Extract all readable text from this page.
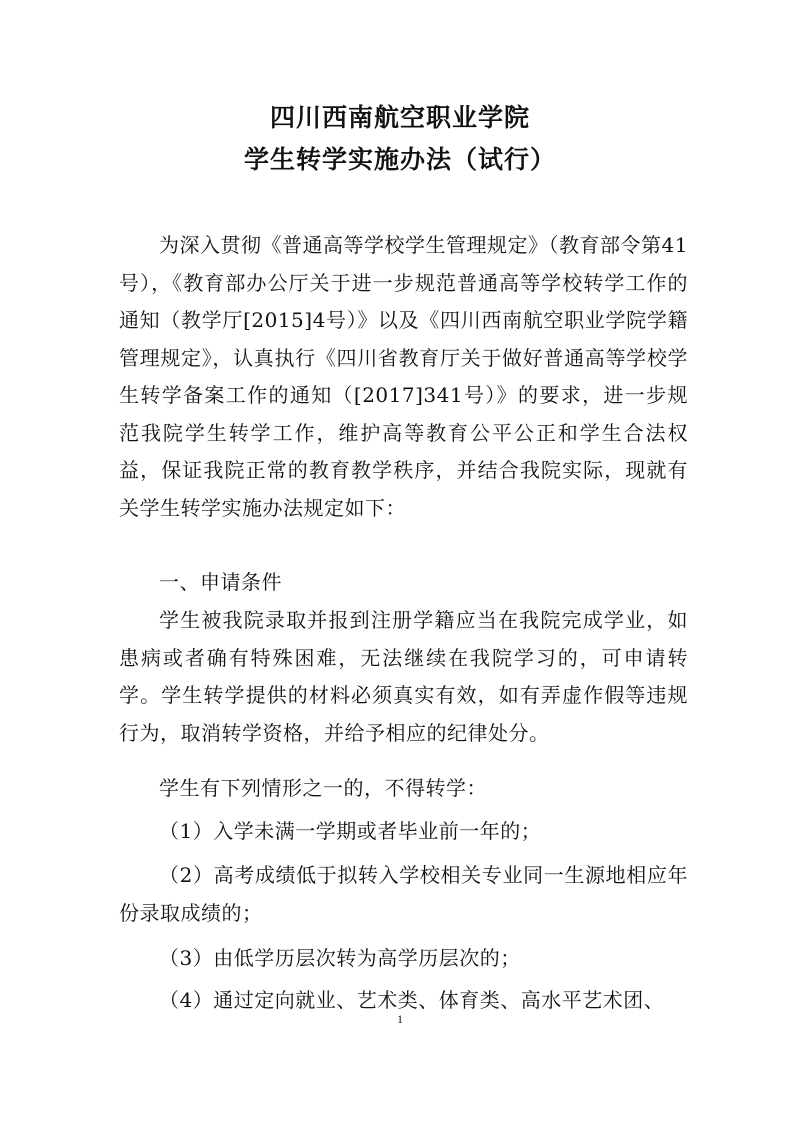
四川西南航空职业学院
学生转学实施办法（试行）

为深入贯彻《普通高等学校学生管理规定》（教育部令第41号），《教育部办公厅关于进一步规范普通高等学校转学工作的通知（教学厅[2015]4号）》以及《四川西南航空职业学院学籍管理规定》，认真执行《四川省教育厅关于做好普通高等学校学生转学备案工作的通知（[2017]341号）》的要求，进一步规范我院学生转学工作，维护高等教育公平公正和学生合法权益，保证我院正常的教育教学秩序，并结合我院实际，现就有关学生转学实施办法规定如下：

一、申请条件

学生被我院录取并报到注册学籍应当在我院完成学业，如患病或者确有特殊困难，无法继续在我院学习的，可申请转学。学生转学提供的材料必须真实有效，如有弄虚作假等违规行为，取消转学资格，并给予相应的纪律处分。

学生有下列情形之一的，不得转学：

（1）入学未满一学期或者毕业前一年的；

（2）高考成绩低于拟转入学校相关专业同一生源地相应年份录取成绩的；

（3）由低学历层次转为高学历层次的；

（4）通过定向就业、艺术类、体育类、高水平艺术团、

1
